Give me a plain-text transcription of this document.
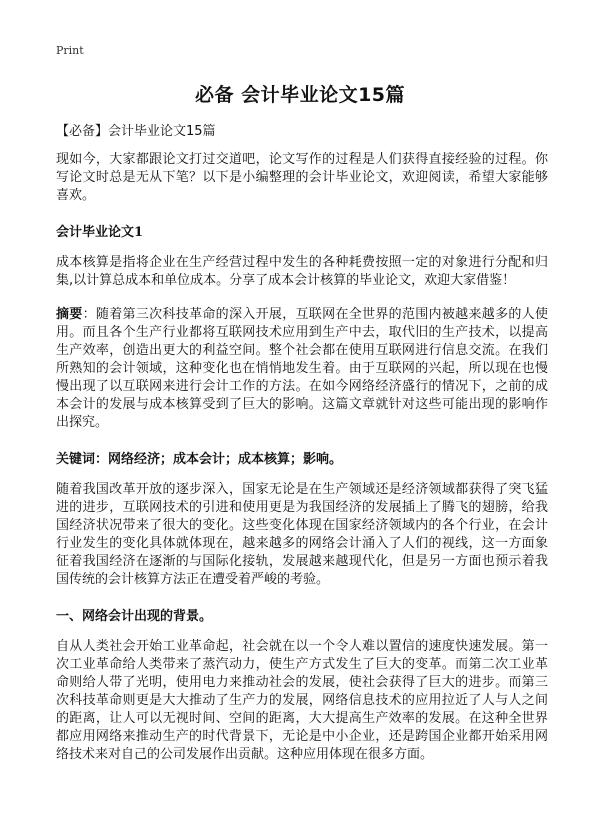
Print
必备 会计毕业论文15篇
【必备】会计毕业论文15篇

现如今，大家都跟论文打过交道吧，论文写作的过程是人们获得直接经验的过程。你写论文时总是无从下笔？以下是小编整理的会计毕业论文，欢迎阅读，希望大家能够喜欢。

会计毕业论文1

成本核算是指将企业在生产经营过程中发生的各种耗费按照一定的对象进行分配和归集,以计算总成本和单位成本。分享了成本会计核算的毕业论文，欢迎大家借鉴！

摘要：随着第三次科技革命的深入开展，互联网在全世界的范围内被越来越多的人使用。而且各个生产行业都将互联网技术应用到生产中去，取代旧的生产技术，以提高生产效率，创造出更大的利益空间。整个社会都在使用互联网进行信息交流。在我们所熟知的会计领域，这种变化也在悄悄地发生着。由于互联网的兴起，所以现在也慢慢出现了以互联网来进行会计工作的方法。在如今网络经济盛行的情况下，之前的成本会计的发展与成本核算受到了巨大的影响。这篇文章就针对这些可能出现的影响作出探究。

关键词：网络经济；成本会计；成本核算；影响。

随着我国改革开放的逐步深入，国家无论是在生产领域还是经济领域都获得了突飞猛进的进步，互联网技术的引进和使用更是为我国经济的发展插上了腾飞的翅膀，给我国经济状况带来了很大的变化。这些变化体现在国家经济领域内的各个行业，在会计行业发生的变化具体就体现在，越来越多的网络会计涌入了人们的视线，这一方面象征着我国经济在逐渐的与国际化接轨，发展越来越现代化，但是另一方面也预示着我国传统的会计核算方法正在遭受着严峻的考验。

一、网络会计出现的背景。

自从人类社会开始工业革命起，社会就在以一个令人难以置信的速度快速发展。第一次工业革命给人类带来了蒸汽动力，使生产方式发生了巨大的变革。而第二次工业革命则给人带了光明，使用电力来推动社会的发展，使社会获得了巨大的进步。而第三次科技革命则更是大大推动了生产力的发展，网络信息技术的应用拉近了人与人之间的距离，让人可以无视时间、空间的距离，大大提高生产效率的发展。在这种全世界都应用网络来推动生产的时代背景下，无论是中小企业，还是跨国企业都开始采用网络技术来对自己的公司发展作出贡献。这种应用体现在很多方面。
